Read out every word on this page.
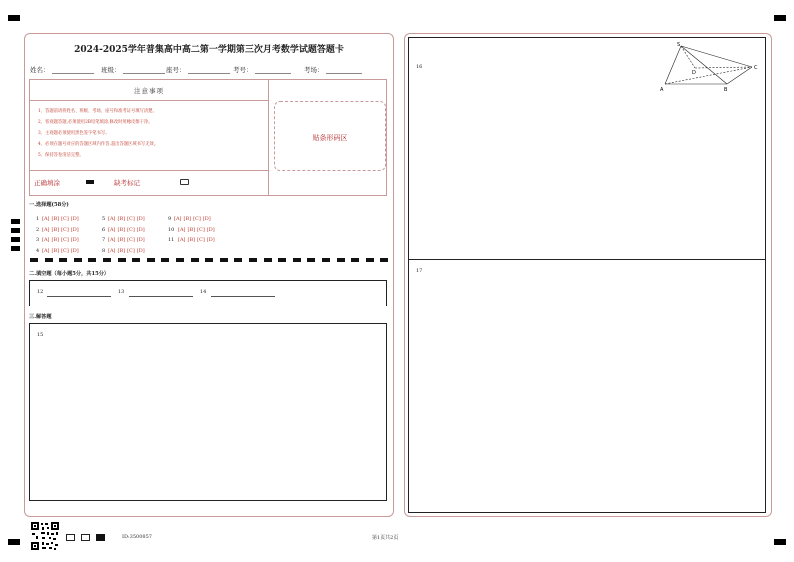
2024-2025学年普集高中高二第一学期第三次月考数学试题答题卡
姓名：	班级：	座号：	考号：	考场：
注意事项
1、答题前请将姓名、班级、考场、座号和准考证号填写清楚。
2、客观题答题,必须使用2B铅笔填涂,修改时用橡皮擦干净。
3、主观题必须使用黑色签字笔书写。
4、必须在题号对应的答题区域内作答,超出答题区域书写无效。
5、保持答卷清洁完整。
正确填涂	缺考标记
贴条形码区
一.选择题(58分)
1 [A] [B] [C] [D]
2 [A] [B] [C] [D]
3 [A] [B] [C] [D]
4 [A] [B] [C] [D]
5 [A] [B] [C] [D]
6 [A] [B] [C] [D]
7 [A] [B] [C] [D]
8 [A] [B] [C] [D]
9 [A] [B] [C] [D]
10 [A] [B] [C] [D]
11 [A] [B] [C] [D]
二.填空题（每小题5分，共15分）
12	13	14
三.解答题
15
16
S
D
C
A	B
17
ID:3500857	第1页共2页
